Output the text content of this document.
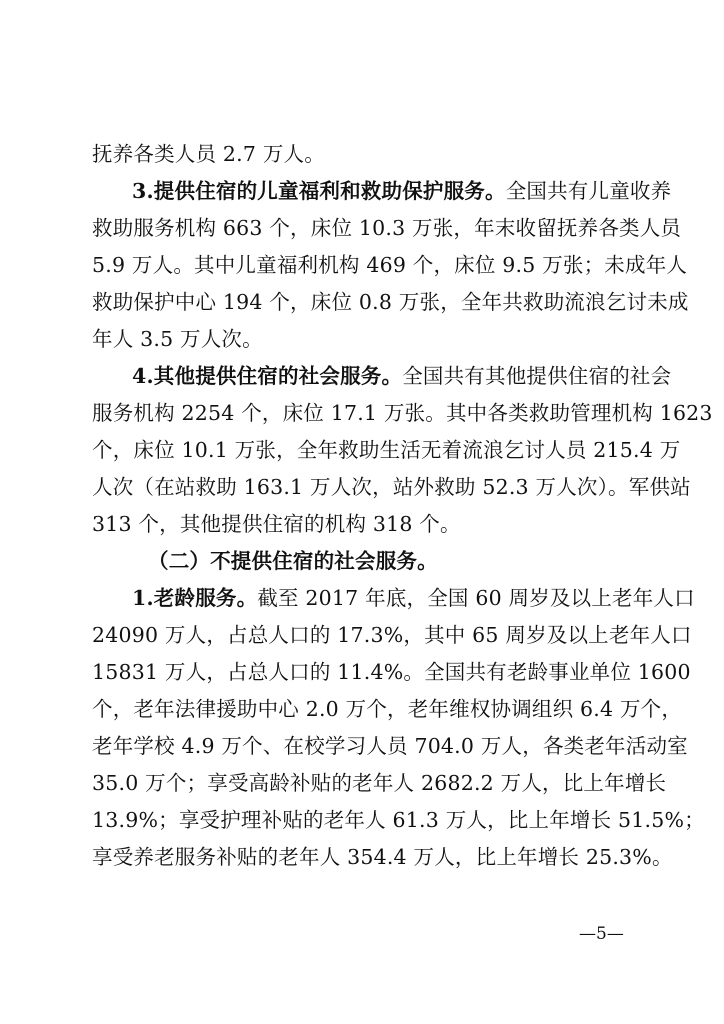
抚养各类人员 2.7 万人。
3.提供住宿的儿童福利和救助保护服务。全国共有儿童收养
救助服务机构 663 个，床位 10.3 万张，年末收留抚养各类人员
5.9 万人。其中儿童福利机构 469 个，床位 9.5 万张；未成年人
救助保护中心 194 个，床位 0.8 万张，全年共救助流浪乞讨未成
年人 3.5 万人次。
4.其他提供住宿的社会服务。全国共有其他提供住宿的社会
服务机构 2254 个，床位 17.1 万张。其中各类救助管理机构 1623
个，床位 10.1 万张，全年救助生活无着流浪乞讨人员 215.4 万
人次（在站救助 163.1 万人次，站外救助 52.3 万人次）。军供站
313 个，其他提供住宿的机构 318 个。
（二）不提供住宿的社会服务。
1.老龄服务。截至 2017 年底，全国 60 周岁及以上老年人口
24090 万人，占总人口的 17.3%，其中 65 周岁及以上老年人口
15831 万人，占总人口的 11.4%。全国共有老龄事业单位 1600
个，老年法律援助中心 2.0 万个，老年维权协调组织 6.4 万个，
老年学校 4.9 万个、在校学习人员 704.0 万人，各类老年活动室
35.0 万个；享受高龄补贴的老年人 2682.2 万人，比上年增长
13.9%；享受护理补贴的老年人 61.3 万人，比上年增长 51.5%；
享受养老服务补贴的老年人 354.4 万人，比上年增长 25.3%。
—5—
